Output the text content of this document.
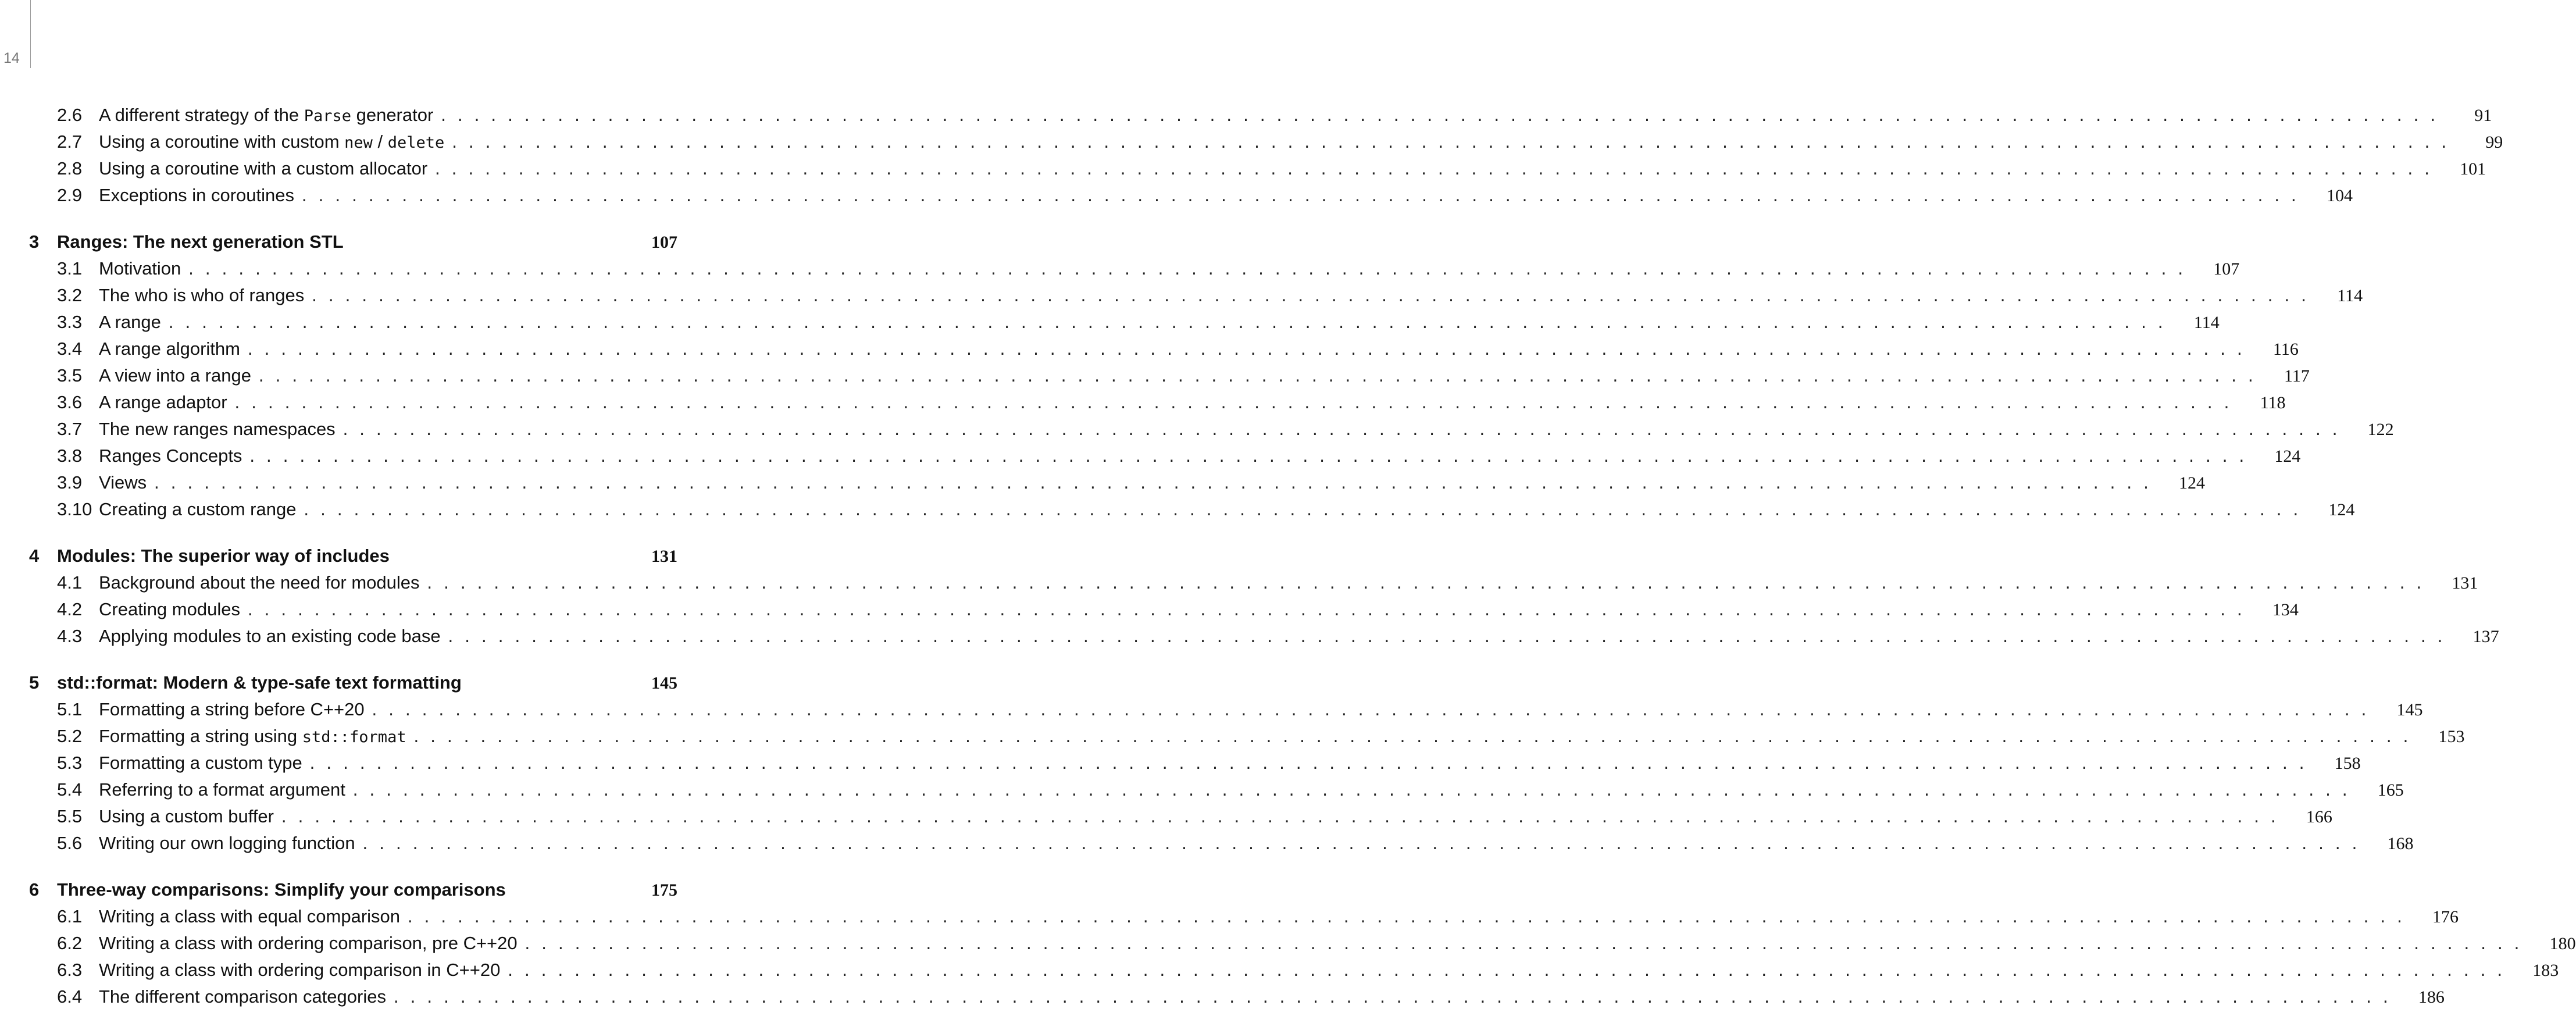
14
2.6 A different strategy of the Parse generator ........................................................................................................................	91
2.7 Using a coroutine with custom new / delete ........................................................................................................................	99
2.8 Using a coroutine with a custom allocator ........................................................................................................................	101
2.9 Exceptions in coroutines ........................................................................................................................	104
3 Ranges: The next generation STL	107
3.1 Motivation ........................................................................................................................	107
3.2 The who is who of ranges ........................................................................................................................	114
3.3 A range ........................................................................................................................	114
3.4 A range algorithm ........................................................................................................................	116
3.5 A view into a range ........................................................................................................................	117
3.6 A range adaptor ........................................................................................................................	118
3.7 The new ranges namespaces ........................................................................................................................	122
3.8 Ranges Concepts ........................................................................................................................	124
3.9 Views ........................................................................................................................	124
3.10 Creating a custom range ........................................................................................................................	124
4 Modules: The superior way of includes	131
4.1 Background about the need for modules ........................................................................................................................	131
4.2 Creating modules ........................................................................................................................	134
4.3 Applying modules to an existing code base ........................................................................................................................	137
5 std::format: Modern & type-safe text formatting	145
5.1 Formatting a string before C++20 ........................................................................................................................	145
5.2 Formatting a string using std::format ........................................................................................................................	153
5.3 Formatting a custom type ........................................................................................................................	158
5.4 Referring to a format argument ........................................................................................................................	165
5.5 Using a custom buffer ........................................................................................................................	166
5.6 Writing our own logging function ........................................................................................................................	168
6 Three-way comparisons: Simplify your comparisons	175
6.1 Writing a class with equal comparison ........................................................................................................................	176
6.2 Writing a class with ordering comparison, pre C++20 ........................................................................................................................	180
6.3 Writing a class with ordering comparison in C++20 ........................................................................................................................	183
6.4 The different comparison categories ........................................................................................................................	186
